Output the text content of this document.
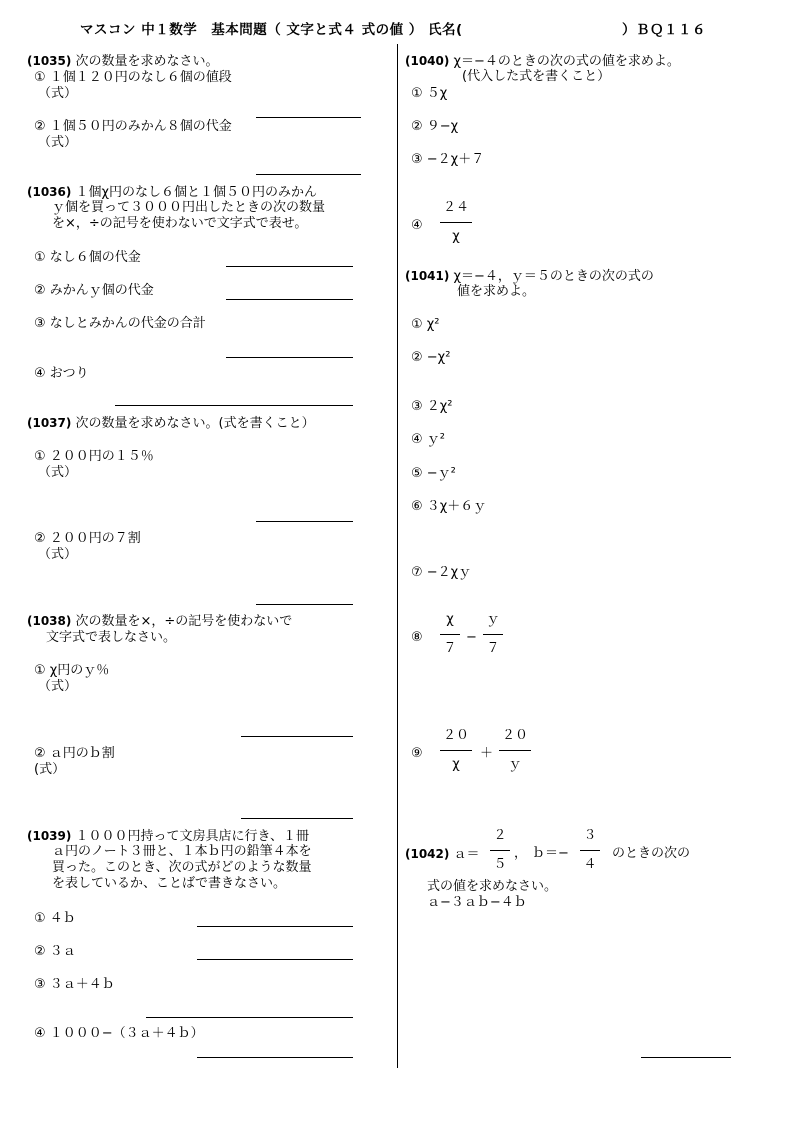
マスコン 中１数学　基本問題（ 文字と式４ 式の値 ） 氏名(	）ＢＱ１１６
(1035) 次の数量を求めなさい。
① １個１２０円のなし６個の値段
（式）
② １個５０円のみかん８個の代金
（式）
(1036) １個χ円のなし６個と１個５０円のみかん
ｙ個を買って３０００円出したときの次の数量
を×，÷の記号を使わないで文字式で表せ。
① なし６個の代金
② みかんｙ個の代金
③ なしとみかんの代金の合計
④ おつり
(1037) 次の数量を求めなさい。(式を書くこと）
① ２００円の１５％
（式）
② ２００円の７割
（式）
(1038) 次の数量を×，÷の記号を使わないで
文字式で表しなさい。
① χ円のｙ％
（式）
② ａ円のｂ割
(式）
(1039) １０００円持って文房具店に行き、１冊
ａ円のノート３冊と、１本ｂ円の鉛筆４本を
買った。このとき、次の式がどのような数量
を表しているか、ことばで書きなさい。
① ４ｂ
② ３ａ
③ ３ａ＋４ｂ
④ １０００−（３ａ＋４ｂ）
(1040) χ＝−４のときの次の式の値を求めよ。
(代入した式を書くこと）
① ５χ
② ９−χ
③ −２χ＋７
④
２４
χ
(1041) χ＝−４，ｙ＝５のときの次の式の
値を求めよ。
① χ²
② −χ²
③ ２χ²
④ ｙ²
⑤ −ｙ²
⑥ ３χ＋６ｙ
⑦ −２χｙ
⑧
χ
７
−
ｙ
７
⑨
２０
χ
＋
２０
ｙ
(1042) ａ＝
２
５
， ｂ＝−
３
４
のときの次の
式の値を求めなさい。
ａ−３ａｂ−４ｂ
